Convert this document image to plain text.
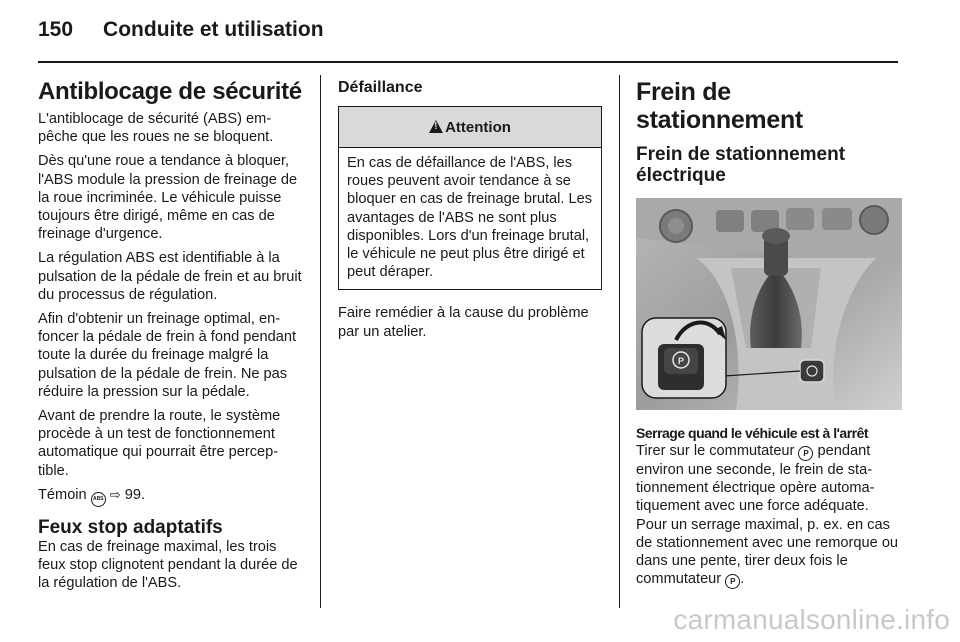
150 Conduite et utilisation
Antiblocage de sécurité

L'antiblocage de sécurité (ABS) empêche que les roues ne se bloquent.

Dès qu'une roue a tendance à bloquer, l'ABS module la pression de freinage de la roue incriminée. Le véhicule puisse toujours être dirigé, même en cas de freinage d'urgence.

La régulation ABS est identifiable à la pulsation de la pédale de frein et au bruit du processus de régulation.

Afin d'obtenir un freinage optimal, enfoncer la pédale de frein à fond pendant toute la durée du freinage malgré la pulsation de la pédale de frein. Ne pas réduire la pression sur la pédale.

Avant de prendre la route, le système procède à un test de fonctionnement automatique qui pourrait être perceptible.

Témoin ABS ⇨ 99.

Feux stop adaptatifs

En cas de freinage maximal, les trois feux stop clignotent pendant la durée de la régulation de l'ABS.

Défaillance
!
Attention

En cas de défaillance de l'ABS, les roues peuvent avoir tendance à se bloquer en cas de freinage brutal. Les avantages de l'ABS ne sont plus disponibles. Lors d'un freinage brutal, le véhicule ne peut plus être dirigé et peut déraper.

Faire remédier à la cause du problème par un atelier.

Frein de stationnement
Frein de stationnement électrique
P
Serrage quand le véhicule est à l'arrêt

Tirer sur le commutateur P pendant environ une seconde, le frein de stationnement électrique opère automatiquement avec une force adéquate. Pour un serrage maximal, p. ex. en cas de stationnement avec une remorque ou dans une pente, tirer deux fois le commutateur P .

carmanualsonline.info
